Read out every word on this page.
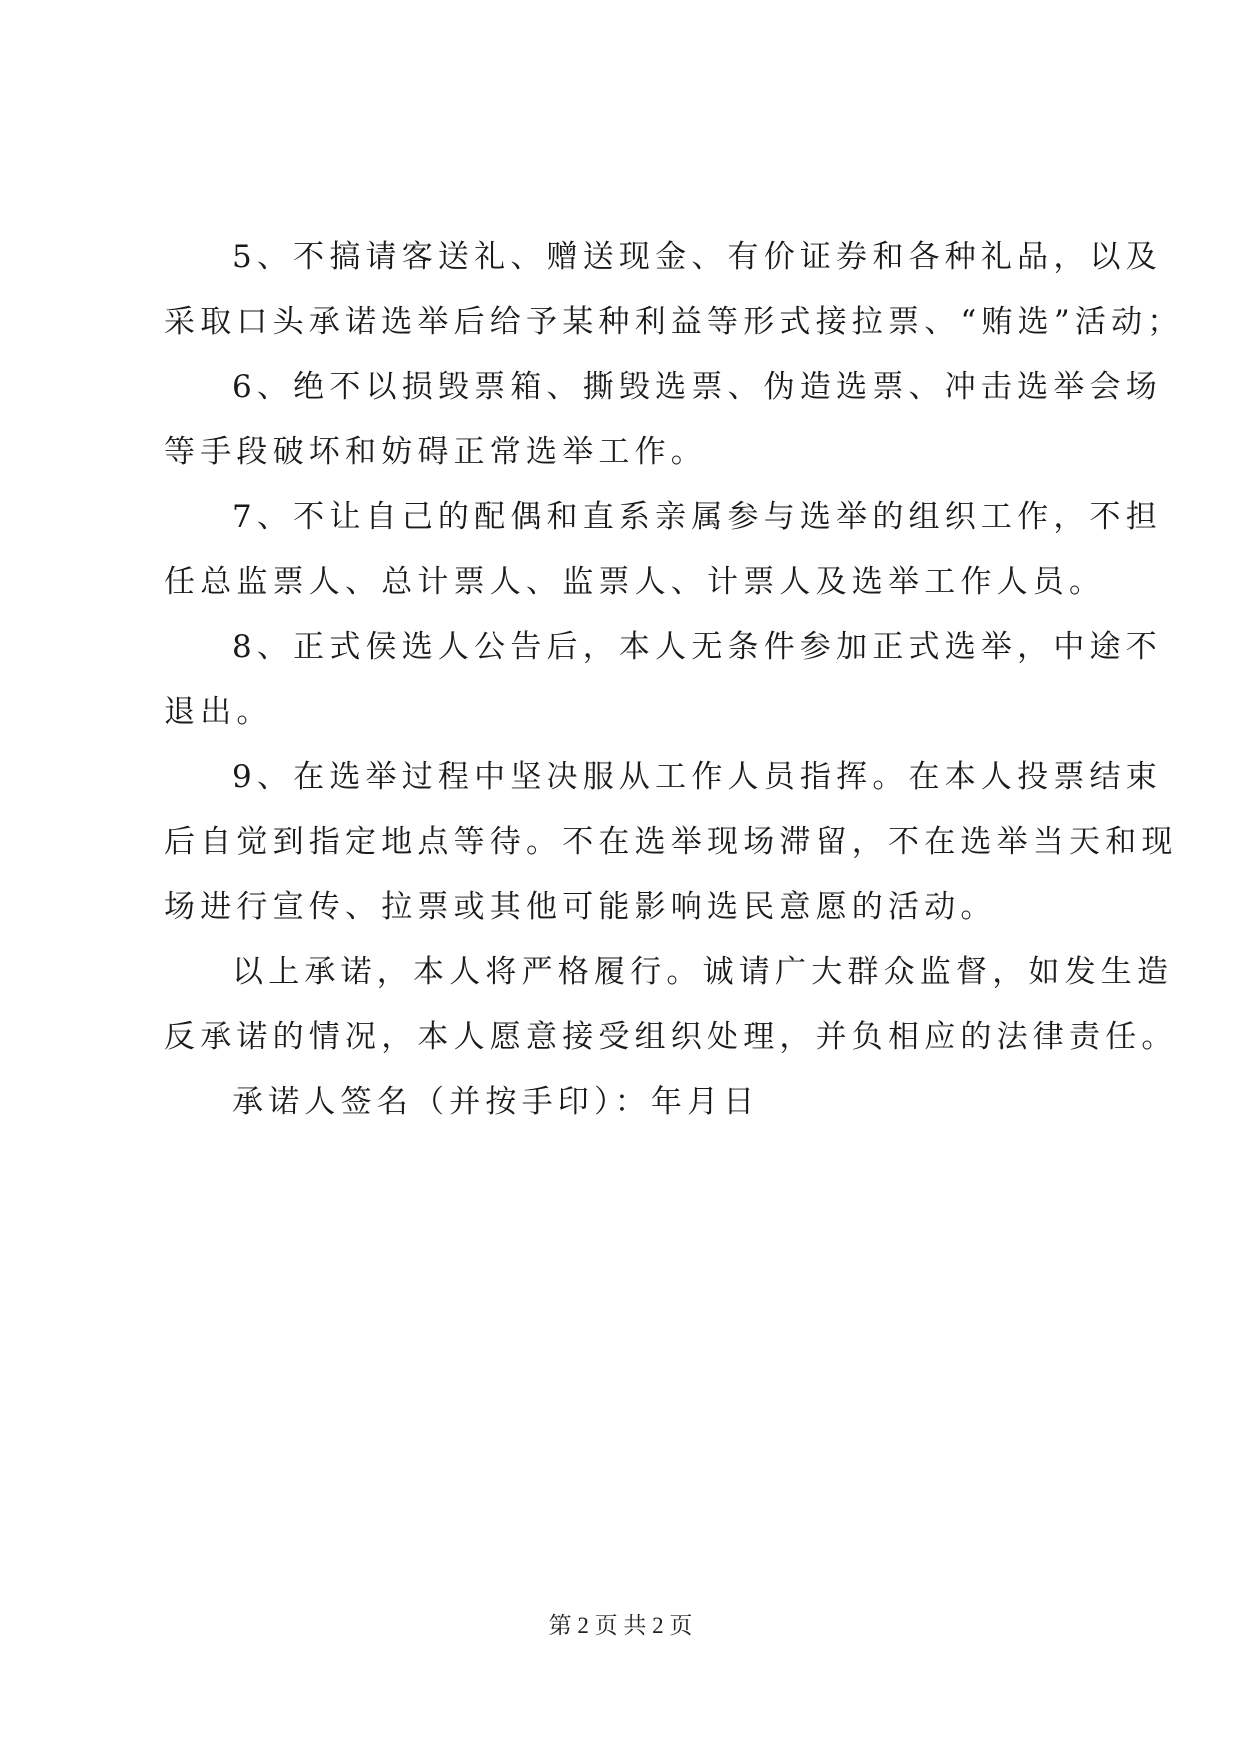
5、不搞请客送礼、赠送现金、有价证券和各种礼品，以及
采取口头承诺选举后给予某种利益等形式接拉票、“贿选”活动；

6、绝不以损毁票箱、撕毁选票、伪造选票、冲击选举会场
等手段破坏和妨碍正常选举工作。

7、不让自己的配偶和直系亲属参与选举的组织工作，不担
任总监票人、总计票人、监票人、计票人及选举工作人员。

8、正式侯选人公告后，本人无条件参加正式选举，中途不
退出。

9、在选举过程中坚决服从工作人员指挥。在本人投票结束
后自觉到指定地点等待。不在选举现场滞留，不在选举当天和现
场进行宣传、拉票或其他可能影响选民意愿的活动。

以上承诺，本人将严格履行。诚请广大群众监督，如发生造
反承诺的情况，本人愿意接受组织处理，并负相应的法律责任。

承诺人签名（并按手印）：年月日

第 2 页 共 2 页
